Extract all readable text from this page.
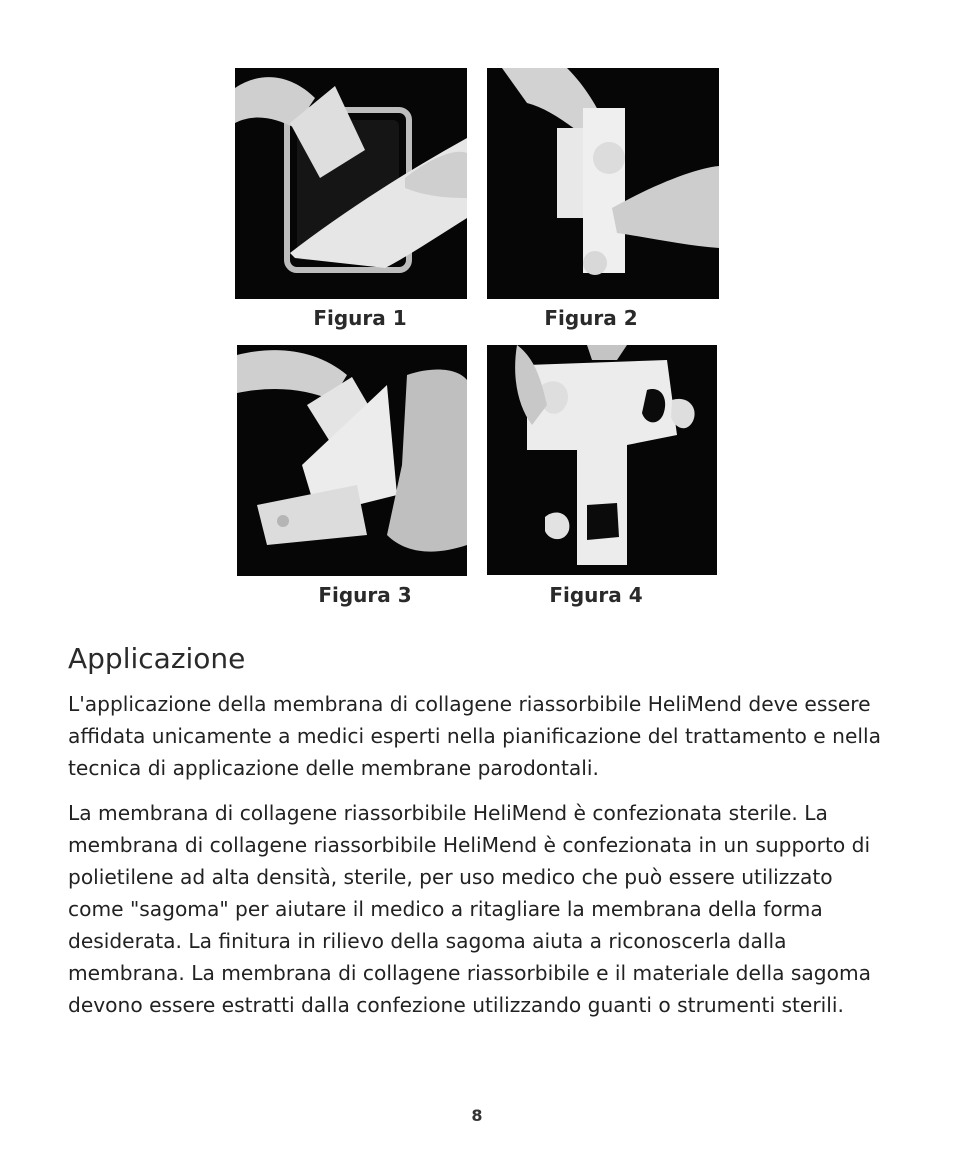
Figura 1	Figura 2
Figura 3	Figura 4
Applicazione

L'applicazione della membrana di collagene riassorbibile HeliMend deve essere affidata unicamente a medici esperti nella pianificazione del trattamento e nella tecnica di applicazione delle membrane parodontali.

La membrana di collagene riassorbibile HeliMend è confezionata sterile. La membrana di collagene riassorbibile HeliMend è confezionata in un supporto di polietilene ad alta densità, sterile, per uso medico che può essere utilizzato come "sagoma" per aiutare il medico a ritagliare la membrana della forma desiderata. La finitura in rilievo della sagoma aiuta a riconoscerla dalla membrana. La membrana di collagene riassorbibile e il materiale della sagoma devono essere estratti dalla confezione utilizzando guanti o strumenti sterili.

8
